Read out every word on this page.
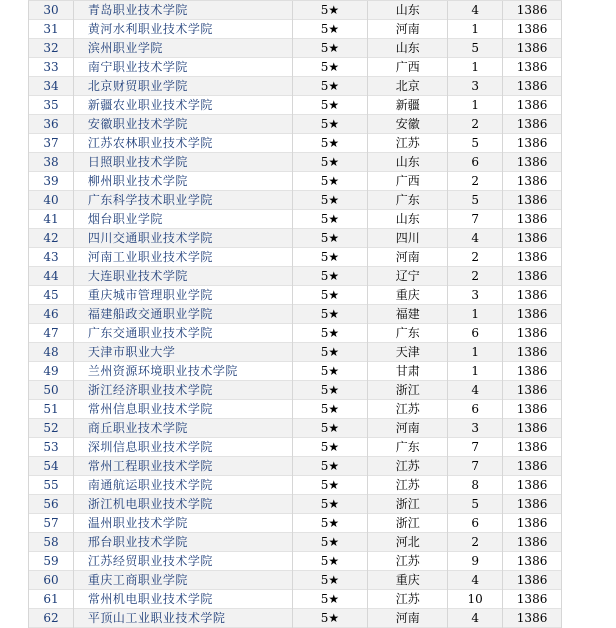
30	青岛职业技术学院	5★	山东	4	1386
31	黄河水利职业技术学院	5★	河南	1	1386
32	滨州职业学院	5★	山东	5	1386
33	南宁职业技术学院	5★	广西	1	1386
34	北京财贸职业学院	5★	北京	3	1386
35	新疆农业职业技术学院	5★	新疆	1	1386
36	安徽职业技术学院	5★	安徽	2	1386
37	江苏农林职业技术学院	5★	江苏	5	1386
38	日照职业技术学院	5★	山东	6	1386
39	柳州职业技术学院	5★	广西	2	1386
40	广东科学技术职业学院	5★	广东	5	1386
41	烟台职业学院	5★	山东	7	1386
42	四川交通职业技术学院	5★	四川	4	1386
43	河南工业职业技术学院	5★	河南	2	1386
44	大连职业技术学院	5★	辽宁	2	1386
45	重庆城市管理职业学院	5★	重庆	3	1386
46	福建船政交通职业学院	5★	福建	1	1386
47	广东交通职业技术学院	5★	广东	6	1386
48	天津市职业大学	5★	天津	1	1386
49	兰州资源环境职业技术学院	5★	甘肃	1	1386
50	浙江经济职业技术学院	5★	浙江	4	1386
51	常州信息职业技术学院	5★	江苏	6	1386
52	商丘职业技术学院	5★	河南	3	1386
53	深圳信息职业技术学院	5★	广东	7	1386
54	常州工程职业技术学院	5★	江苏	7	1386
55	南通航运职业技术学院	5★	江苏	8	1386
56	浙江机电职业技术学院	5★	浙江	5	1386
57	温州职业技术学院	5★	浙江	6	1386
58	邢台职业技术学院	5★	河北	2	1386
59	江苏经贸职业技术学院	5★	江苏	9	1386
60	重庆工商职业学院	5★	重庆	4	1386
61	常州机电职业技术学院	5★	江苏	10	1386
62	平顶山工业职业技术学院	5★	河南	4	1386
